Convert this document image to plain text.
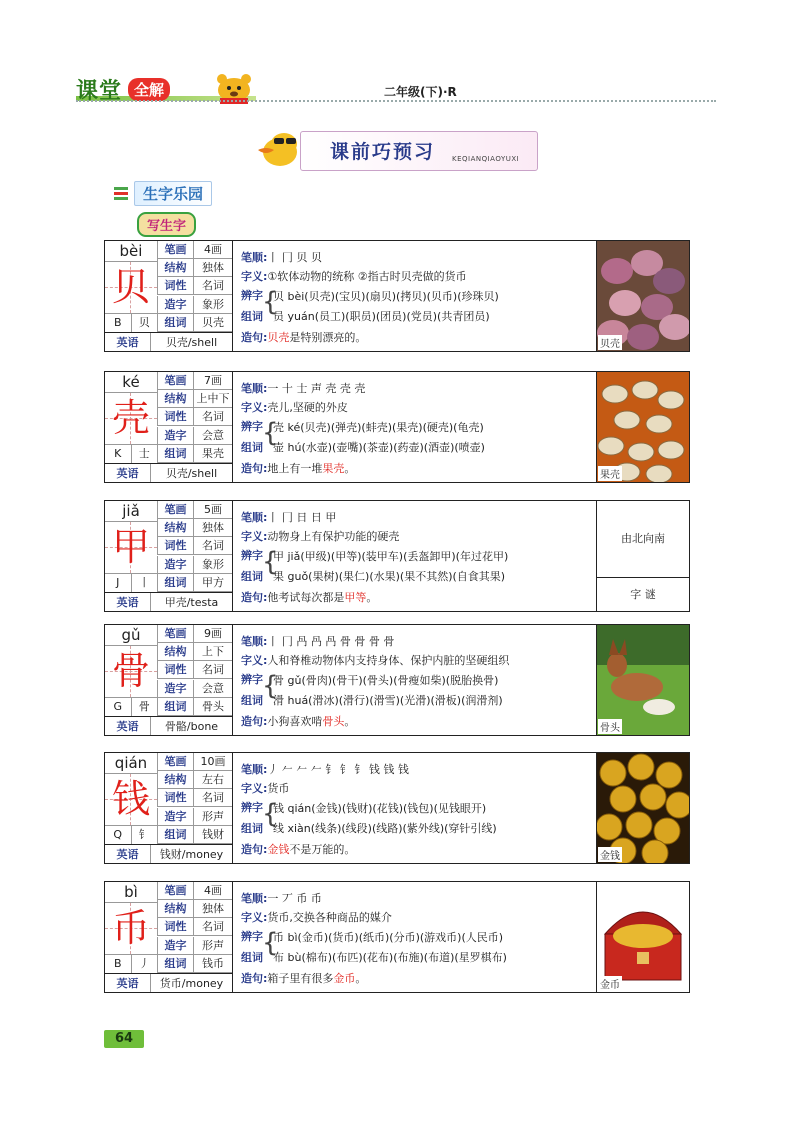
课堂 全解	二年级(下)·R
课前巧预习 KEQIANQIAOYUXI
生字乐园
写生字
bèi
贝
B	贝
笔画	4画
结构	独体
词性	名词
造字	象形
组词	贝壳
英语	贝壳/shell
笔顺:丨 冂 贝 贝
字义:①软体动物的统称 ②指古时贝壳做的货币
辨字
组词 {
贝 bèi(贝壳)(宝贝)(扇贝)(拷贝)(贝币)(珍珠贝)
员 yuán(员工)(职员)(团员)(党员)(共青团员)
造句:贝壳是特别漂亮的。
贝壳
ké
壳
K	士
笔画	7画
结构 上中下
词性	名词
造字	会意
组词	果壳
英语	贝壳/shell
笔顺:一 十 士 声 壳 壳 壳
字义:壳儿,坚硬的外皮
辨字
组词 {
壳 ké(贝壳)(弹壳)(蚌壳)(果壳)(硬壳)(龟壳)
壶 hú(水壶)(壶嘴)(茶壶)(药壶)(酒壶)(喷壶)
造句:地上有一堆果壳。
果壳
jiǎ
甲
J	丨
笔画	5画
结构	独体
词性	名词
造字	象形
组词	甲方
英语	甲壳/testa
笔顺:丨 冂 日 日 甲
字义:动物身上有保护功能的硬壳
辨字
组词 {
甲 jiǎ(甲级)(甲等)(装甲车)(丢盔卸甲)(年过花甲)
果 guǒ(果树)(果仁)(水果)(果不其然)(自食其果)
造句:他考试每次都是甲等。
由北向南
字 谜
gǔ
骨
G	骨
笔画	9画
结构	上下
词性	名词
造字	会意
组词	骨头
英语	骨骼/bone
笔顺:丨 冂 冎 冎 冎 骨 骨 骨 骨
字义:人和脊椎动物体内支持身体、保护内脏的坚硬组织
辨字
组词 {
骨 gǔ(骨肉)(骨干)(骨头)(骨瘦如柴)(脱胎换骨)
滑 huá(滑冰)(滑行)(滑雪)(光滑)(滑板)(润滑剂)
造句:小狗喜欢啃骨头。
骨头
qián
钱
Q	钅
笔画	10画
结构	左右
词性	名词
造字	形声
组词	钱财
英语	钱财/money
笔顺:丿 𠂉 𠂉 𠂉 钅 钅 钅 钱 钱 钱
字义:货币
辨字
组词 {
钱 qián(金钱)(钱财)(花钱)(钱包)(见钱眼开)
线 xiàn(线条)(线段)(线路)(紫外线)(穿针引线)
造句:金钱不是万能的。
金钱
bì
币
B	丿
笔画	4画
结构	独体
词性	名词
造字	形声
组词	钱币
英语	货币/money
笔顺:一 丆 币 币
字义:货币,交换各种商品的媒介
辨字
组词 {
币 bì(金币)(货币)(纸币)(分币)(游戏币)(人民币)
布 bù(棉布)(布匹)(花布)(布施)(布道)(星罗棋布)
造句:箱子里有很多金币。
金币
64
